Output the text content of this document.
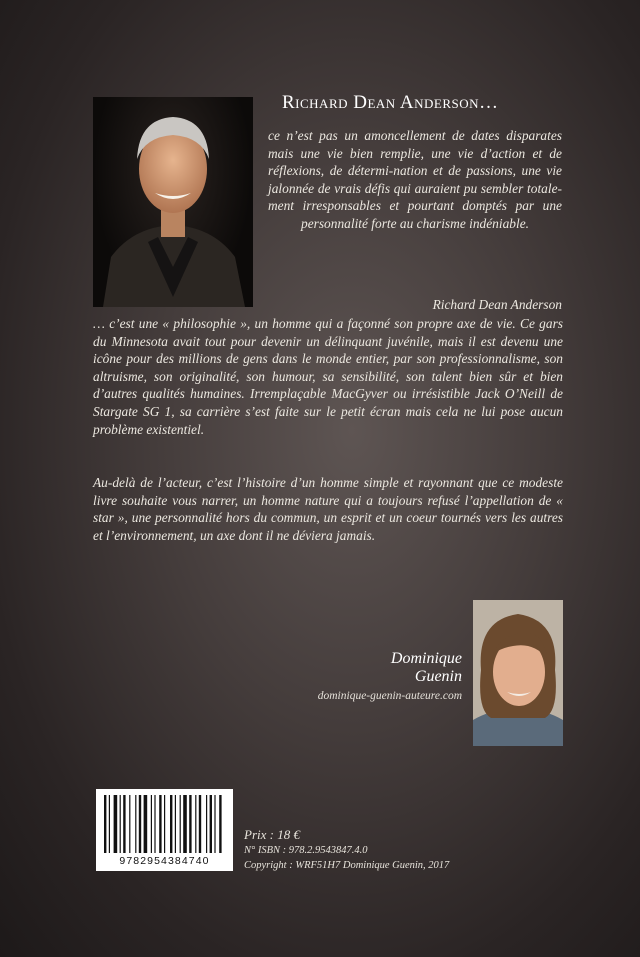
Richard Dean Anderson…
ce n’est pas un amoncellement de dates disparates mais une vie bien remplie, une vie d’action et de réflexions, de détermi-nation et de passions, une vie jalonnée de vrais défis qui auraient pu sembler totale-ment irresponsables et pourtant domptés par une personnalité forte au charisme indéniable.
Richard Dean Anderson
… c’est une « philosophie », un homme qui a façonné son propre axe de vie. Ce gars du Minnesota avait tout pour devenir un délinquant juvénile, mais il est devenu une icône pour des millions de gens dans le monde entier, par son professionnalisme, son altruisme, son originalité, son humour, sa sensibilité, son talent bien sûr et bien d’autres qualités humaines. Irremplaçable MacGyver ou irrésistible Jack O’Neill de Stargate SG 1, sa carrière s’est faite sur le petit écran mais cela ne lui pose aucun problème existentiel.
Au-delà de l’acteur, c’est l’histoire d’un homme simple et rayonnant que ce modeste livre souhaite vous narrer, un homme nature qui a toujours refusé l’appellation de « star », une personnalité hors du commun, un esprit et un coeur tournés vers les autres et l’environnement, un axe dont il ne déviera jamais.
Dominique
Guenin
dominique-guenin-auteure.com
9782954384740
Prix : 18 €
N° ISBN : 978.2.9543847.4.0
Copyright : WRF51H7 Dominique Guenin, 2017
